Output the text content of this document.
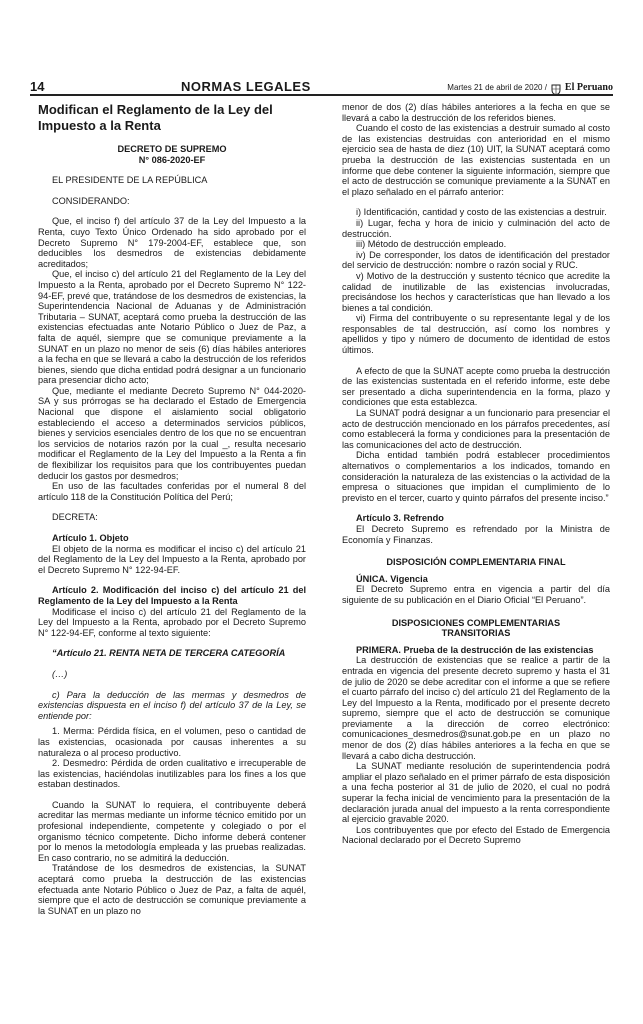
14	NORMAS LEGALES	Martes 21 de abril de 2020 / El Peruano

Modifican el Reglamento de la Ley del Impuesto a la Renta

DECRETO DE SUPREMO

N° 086-2020-EF

EL PRESIDENTE DE LA REPÚBLICA

CONSIDERANDO:

Que, el inciso f) del artículo 37 de la Ley del Impuesto a la Renta, cuyo Texto Único Ordenado ha sido aprobado por el Decreto Supremo N° 179-2004-EF, establece que, son deducibles los desmedros de existencias debidamente acreditados;

Que, el inciso c) del artículo 21 del Reglamento de la Ley del Impuesto a la Renta, aprobado por el Decreto Supremo N° 122-94-EF, prevé que, tratándose de los desmedros de existencias, la Superintendencia Nacional de Aduanas y de Administración Tributaria – SUNAT, aceptará como prueba la destrucción de las existencias efectuadas ante Notario Público o Juez de Paz, a falta de aquél, siempre que se comunique previamente a la SUNAT en un plazo no menor de seis (6) días hábiles anteriores a la fecha en que se llevará a cabo la destrucción de los referidos bienes, siendo que dicha entidad podrá designar a un funcionario para presenciar dicho acto;

Que, mediante el mediante Decreto Supremo N° 044-2020-SA y sus prórrogas se ha declarado el Estado de Emergencia Nacional que dispone el aislamiento social obligatorio estableciendo el acceso a determinados servicios públicos, bienes y servicios esenciales dentro de los que no se encuentran los servicios de notarios razón por la cual _, resulta necesario modificar el Reglamento de la Ley del Impuesto a la Renta a fin de flexibilizar los requisitos para que los contribuyentes puedan deducir los gastos por desmedros;

En uso de las facultades conferidas por el numeral 8 del artículo 118 de la Constitución Política del Perú;

DECRETA:

Artículo 1. Objeto

El objeto de la norma es modificar el inciso c) del artículo 21 del Reglamento de la Ley del Impuesto a la Renta, aprobado por el Decreto Supremo N° 122-94-EF.

Artículo 2. Modificación del inciso c) del artículo 21 del Reglamento de la Ley del Impuesto a la Renta

Modificase el inciso c) del artículo 21 del Reglamento de la Ley del Impuesto a la Renta, aprobado por el Decreto Supremo N° 122-94-EF, conforme al texto siguiente:

“Artículo 21. RENTA NETA DE TERCERA CATEGORÍA

(…)

c) Para la deducción de las mermas y desmedros de existencias dispuesta en el inciso f) del artículo 37 de la Ley, se entiende por:

1. Merma: Pérdida física, en el volumen, peso o cantidad de las existencias, ocasionada por causas inherentes a su naturaleza o al proceso productivo.

2. Desmedro: Pérdida de orden cualitativo e irrecuperable de las existencias, haciéndolas inutilizables para los fines a los que estaban destinados.

Cuando la SUNAT lo requiera, el contribuyente deberá acreditar las mermas mediante un informe técnico emitido por un profesional independiente, competente y colegiado o por el organismo técnico competente. Dicho informe deberá contener por lo menos la metodología empleada y las pruebas realizadas. En caso contrario, no se admitirá la deducción.

Tratándose de los desmedros de existencias, la SUNAT aceptará como prueba la destrucción de las existencias efectuada ante Notario Público o Juez de Paz, a falta de aquél, siempre que el acto de destrucción se comunique previamente a la SUNAT en un plazo no

menor de dos (2) días hábiles anteriores a la fecha en que se llevará a cabo la destrucción de los referidos bienes.

Cuando el costo de las existencias a destruir sumado al costo de las existencias destruidas con anterioridad en el mismo ejercicio sea de hasta de diez (10) UIT, la SUNAT aceptará como prueba la destrucción de las existencias sustentada en un informe que debe contener la siguiente información, siempre que el acto de destrucción se comunique previamente a la SUNAT en el plazo señalado en el párrafo anterior:

i) Identificación, cantidad y costo de las existencias a destruir.

ii) Lugar, fecha y hora de inicio y culminación del acto de destrucción.

iii) Método de destrucción empleado.

iv) De corresponder, los datos de identificación del prestador del servicio de destrucción: nombre o razón social y RUC.

v) Motivo de la destrucción y sustento técnico que acredite la calidad de inutilizable de las existencias involucradas, precisándose los hechos y características que han llevado a los bienes a tal condición.

vi) Firma del contribuyente o su representante legal y de los responsables de tal destrucción, así como los nombres y apellidos y tipo y número de documento de identidad de estos últimos.

A efecto de que la SUNAT acepte como prueba la destrucción de las existencias sustentada en el referido informe, este debe ser presentado a dicha superintendencia en la forma, plazo y condiciones que esta establezca.

La SUNAT podrá designar a un funcionario para presenciar el acto de destrucción mencionado en los párrafos precedentes, así como establecerá la forma y condiciones para la presentación de las comunicaciones del acto de destrucción.

Dicha entidad también podrá establecer procedimientos alternativos o complementarios a los indicados, tomando en consideración la naturaleza de las existencias o la actividad de la empresa o situaciones que impidan el cumplimiento de lo previsto en el tercer, cuarto y quinto párrafos del presente inciso.”

Artículo 3. Refrendo

El Decreto Supremo es refrendado por la Ministra de Economía y Finanzas.

DISPOSICIÓN COMPLEMENTARIA FINAL

ÚNICA. Vigencia

El Decreto Supremo entra en vigencia a partir del día siguiente de su publicación en el Diario Oficial “El Peruano”.

DISPOSICIONES COMPLEMENTARIAS

TRANSITORIAS

PRIMERA. Prueba de la destrucción de las existencias

La destrucción de existencias que se realice a partir de la entrada en vigencia del presente decreto supremo y hasta el 31 de julio de 2020 se debe acreditar con el informe a que se refiere el cuarto párrafo del inciso c) del artículo 21 del Reglamento de la Ley del Impuesto a la Renta, modificado por el presente decreto supremo, siempre que el acto de destrucción se comunique previamente a la dirección de correo electrónico: comunicaciones_desmedros@sunat.gob.pe en un plazo no menor de dos (2) días hábiles anteriores a la fecha en que se llevará a cabo dicha destrucción.

La SUNAT mediante resolución de superintendencia podrá ampliar el plazo señalado en el primer párrafo de esta disposición a una fecha posterior al 31 de julio de 2020, el cual no podrá superar la fecha inicial de vencimiento para la presentación de la declaración jurada anual del impuesto a la renta correspondiente al ejercicio gravable 2020.

Los contribuyentes que por efecto del Estado de Emergencia Nacional declarado por el Decreto Supremo
